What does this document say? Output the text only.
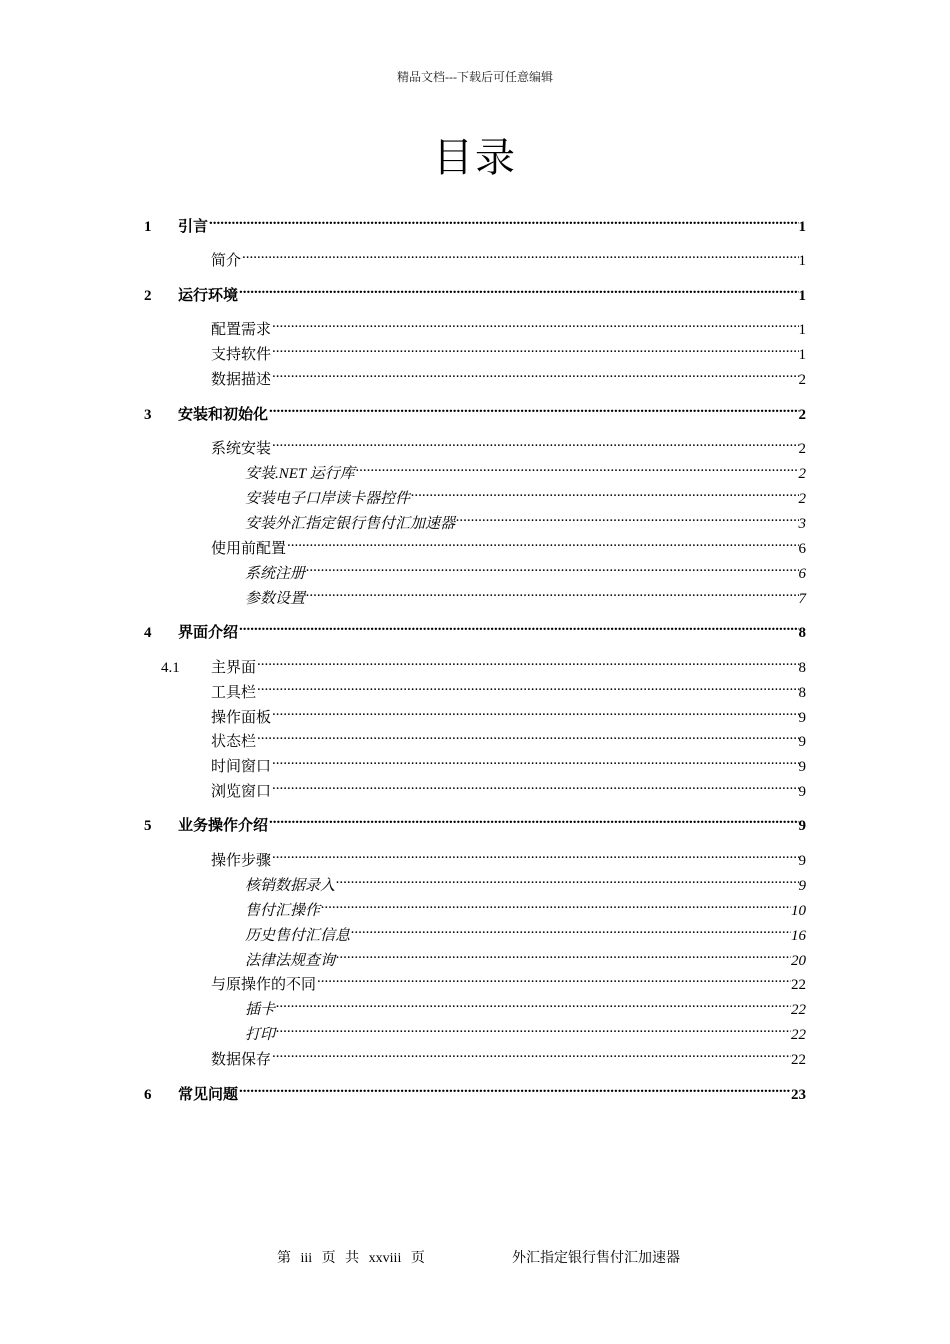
精品文档---下载后可任意编辑
目录
1	引言 .....	1
简介 .....	1
2	运行环境 .....	1
配置需求 .....	1
支持软件 .....	1
数据描述 .....	2
3	安装和初始化 .....	2
系统安装 .....	2
安装.NET 运行库 .....	2
安装电子口岸读卡器控件 .....	2
安装外汇指定银行售付汇加速器 .....	3
使用前配置 .....	6
系统注册 .....	6
参数设置 .....	7
4	界面介绍 .....	8
4.1	主界面 .....	8
工具栏 .....	8
操作面板 .....	9
状态栏 .....	9
时间窗口 .....	9
浏览窗口 .....	9
5	业务操作介绍 .....	9
操作步骤 .....	9
核销数据录入 .....	9
售付汇操作 .....	10
历史售付汇信息 .....	16
法律法规查询 .....	20
与原操作的不同 .....	22
插卡 .....	22
打印 .....	22
数据保存 .....	22
6	常见问题 .....	23
第 iii 页 共 xxviii 页	外汇指定银行售付汇加速器
